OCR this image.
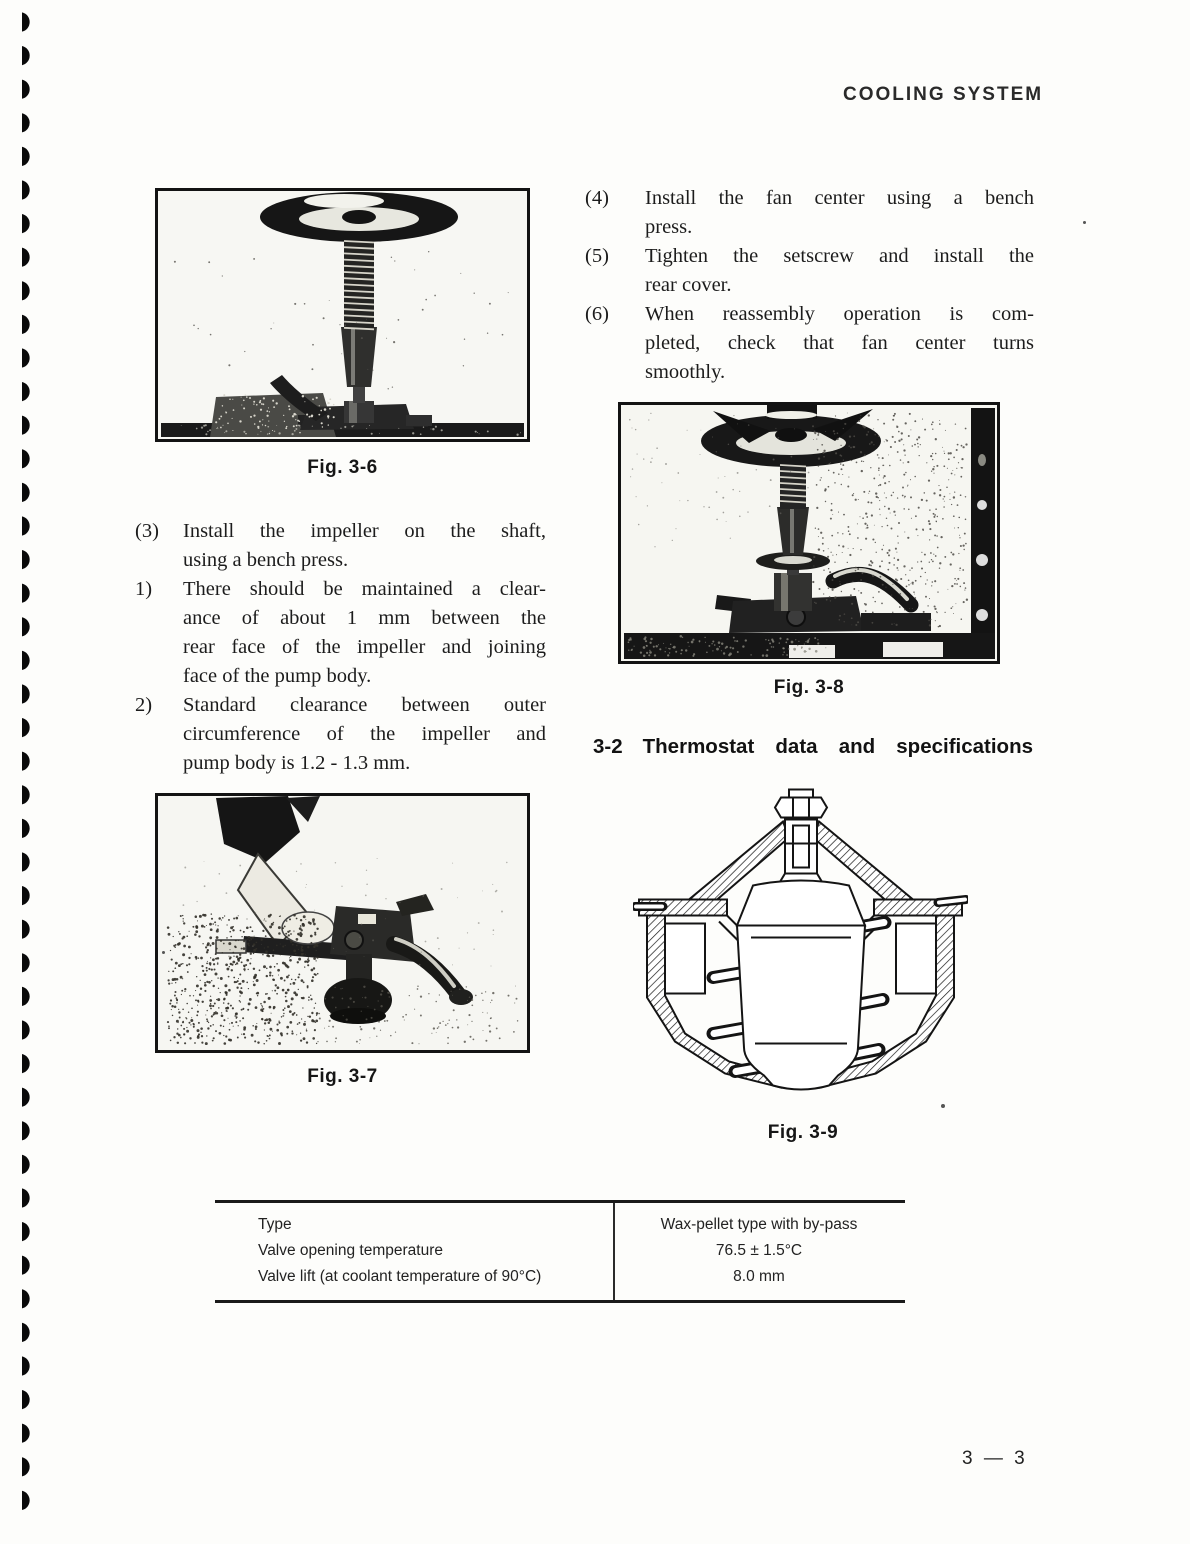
COOLING SYSTEM
Fig. 3-6
(3)	Install the impeller on the shaft,
using a bench press.
1)	There should be maintained a clear-
ance of about 1 mm between the
rear face of the impeller and joining
face of the pump body.
2)	Standard clearance between outer
circumference of the impeller and
pump body is 1.2 - 1.3 mm.
Fig. 3-7
(4)	Install the fan center using a bench
press.
(5)	Tighten the setscrew and install the
rear cover.
(6)	When reassembly operation is com-
pleted, check that fan center turns
smoothly.
Fig. 3-8
3-2 Thermostat data and specifications
Fig. 3-9
Type	Wax-pellet type with by-pass
Valve opening temperature	76.5 ± 1.5°C
Valve lift (at coolant temperature of 90°C)	8.0 mm
3 — 3
